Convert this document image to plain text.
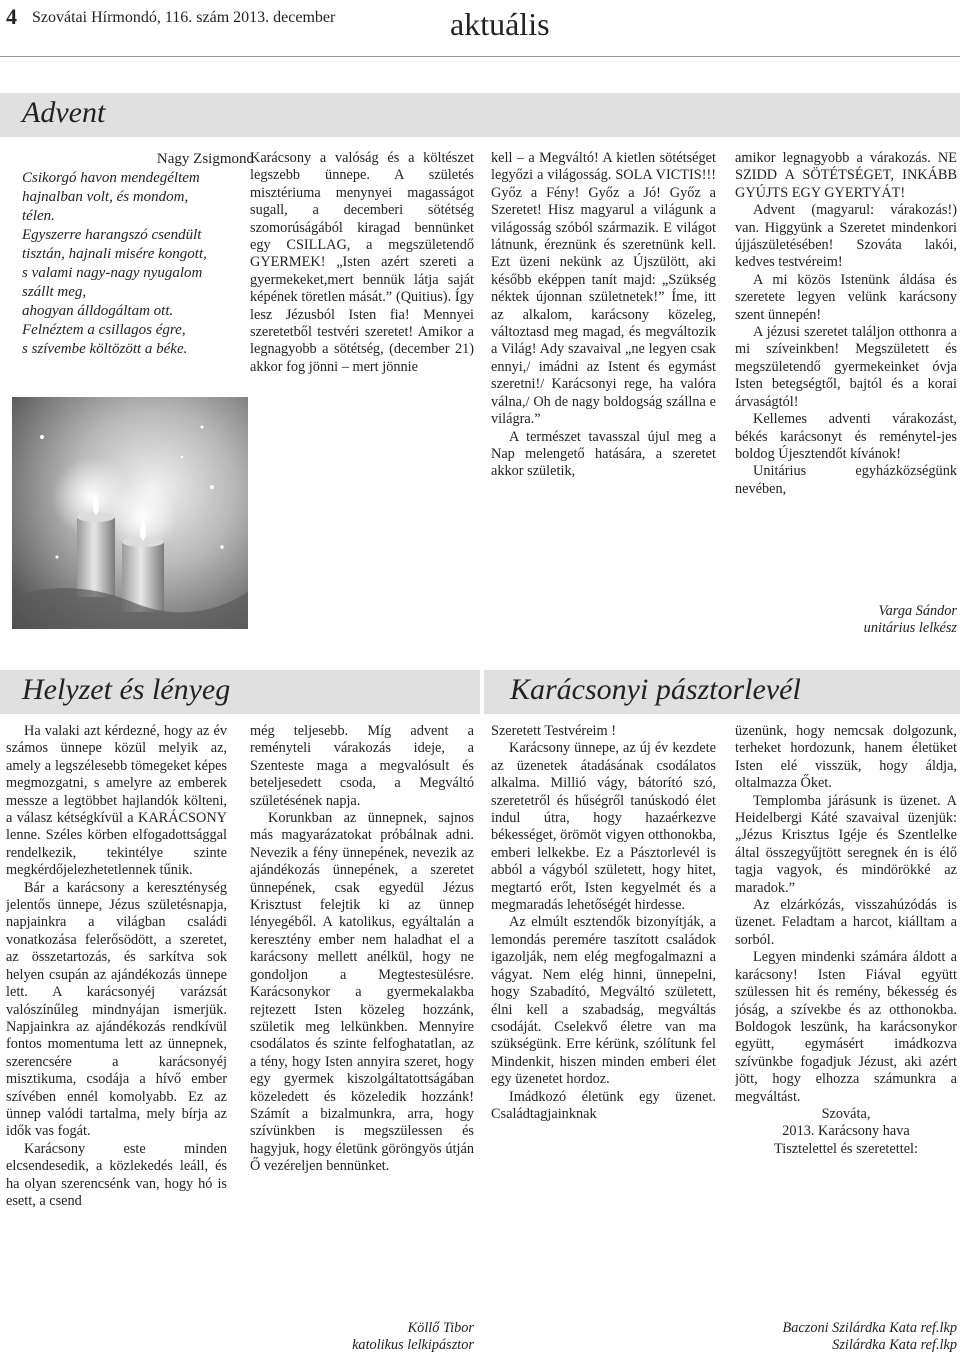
4 Szovátai Hírmondó, 116. szám 2013. december	aktuális
Advent
Nagy Zsigmond
Csikorgó havon mendegéltem
hajnalban volt, és mondom,
télen.
Egyszerre harangszó csendült
tisztán, hajnali misére kongott,
s valami nagy-nagy nyugalom
szállt meg,
ahogyan álldogáltam ott.
Felnéztem a csillagos égre,
s szívembe költözött a béke.

Karácsony a valóság és a költészet legszebb ünnepe. A születés misztériuma menynyei magasságot sugall, a decemberi sötétség szomorúságából kiragad bennünket egy CSILLAG, a megszületendő GYERMEK! „Isten azért szereti a gyermekeket,mert bennük látja saját képének töretlen mását.” (Quitius). Így lesz Jézusból Isten fia! Mennyei szeretetből testvéri szeretet! Amikor a legnagyobb a sötétség, (december 21) akkor fog jönni – mert jönnie

kell – a Megváltó! A kietlen sötétséget legyőzi a világosság. SOLA VICTIS!!! Győz a Fény! Győz a Jó! Győz a Szeretet! Hisz magyarul a világunk a világosság szóból származik. E világot látnunk, éreznünk és szeretnünk kell. Ezt üzeni nekünk az Újszülött, aki később eképpen tanít majd: „Szükség néktek újonnan születnetek!” Íme, itt az alkalom, karácsony közeleg, változtasd meg magad, és megváltozik a Világ! Ady szavaival „ne legyen csak ennyi,/ imádni az Istent és egymást szeretni!/ Karácsonyi rege, ha valóra válna,/ Oh de nagy boldogság szállna e világra.”

A természet tavasszal újul meg a Nap melengető hatására, a szeretet akkor születik,

amikor legnagyobb a várakozás. NE SZIDD A SÖTÉTSÉGET, INKÁBB GYÚJTS EGY GYERTYÁT!

Advent (magyarul: várakozás!) van. Higgyünk a Szeretet mindenkori újjászületésében! Szováta lakói, kedves testvéreim!

A mi közös Istenünk áldása és szeretete legyen velünk karácsony szent ünnepén!

A jézusi szeretet találjon otthonra a mi szíveinkben! Megszületett és megszületendő gyermekeinket óvja Isten betegségtől, bajtól és a korai árvaságtól!

Kellemes adventi várakozást, békés karácsonyt és reménytel-jes boldog Újesztendőt kívánok!

Unitárius egyházközségünk nevében,

Varga Sándor

unitárius lelkész

Helyzet és lényeg

Ha valaki azt kérdezné, hogy az év számos ünnepe közül melyik az, amely a legszélesebb tömegeket képes megmozgatni, s amelyre az emberek messze a legtöbbet hajlandók költeni, a válasz kétségkívül a KARÁCSONY lenne. Széles körben elfogadottsággal rendelkezik, tekintélye szinte megkérdőjelezhetetlennek tűnik.

Bár a karácsony a kereszténység jelentős ünnepe, Jézus születésnapja, napjainkra a világban családi vonatkozása felerősödött, a szeretet, az összetartozás, és sarkítva sok helyen csupán az ajándékozás ünnepe lett. A karácsonyéj varázsát valószínűleg mindnyájan ismerjük. Napjainkra az ajándékozás rendkívül fontos momentuma lett az ünnepnek, szerencsére a karácsonyéj misztikuma, csodája a hívő ember szívében ennél komolyabb. Ez az ünnep valódi tartalma, mely bírja az idők vas fogát.

Karácsony este minden elcsendesedik, a közlekedés leáll, és ha olyan szerencsénk van, hogy hó is esett, a csend

még teljesebb. Míg advent a reményteli várakozás ideje, a Szenteste maga a megvalósult és beteljesedett csoda, a Megváltó születésének napja.

Korunkban az ünnepnek, sajnos más magyarázatokat próbálnak adni. Nevezik a fény ünnepének, nevezik az ajándékozás ünnepének, a szeretet ünnepének, csak egyedül Jézus Krisztust felejtik ki az ünnep lényegéből. A katolikus, egyáltalán a keresztény ember nem haladhat el a karácsony mellett anélkül, hogy ne gondoljon a Megtestesülésre. Karácsonykor a gyermekalakba rejtezett Isten közeleg hozzánk, születik meg lelkünkben. Mennyire csodálatos és szinte felfoghatatlan, az a tény, hogy Isten annyira szeret, hogy egy gyermek kiszolgáltatottságában közeledett és közeledik hozzánk! Számít a bizalmunkra, arra, hogy szívünkben is megszülessen és hagyjuk, hogy életünk göröngyös útján Ő vezéreljen bennünket.

Köllő Tibor

katolikus lelkipásztor

Karácsonyi pásztorlevél

Szeretett Testvéreim !

Karácsony ünnepe, az új év kezdete az üzenetek átadásának csodálatos alkalma. Millió vágy, bátorító szó, szeretetről és hűségről tanúskodó élet indul útra, hogy hazaérkezve békességet, örömöt vigyen otthonokba, emberi lelkekbe. Ez a Pásztorlevél is abból a vágyból született, hogy hitet, megtartó erőt, Isten kegyelmét és a megmaradás lehetőségét hirdesse.

Az elmúlt esztendők bizonyítják, a lemondás peremére taszított családok igazolják, nem elég megfogalmazni a vágyat. Nem elég hinni, ünnepelni, hogy Szabadító, Megváltó született, élni kell a szabadság, megváltás csodáját. Cselekvő életre van ma szükségünk. Erre kérünk, szólítunk fel Mindenkit, hiszen minden emberi élet egy üzenetet hordoz.

Imádkozó életünk egy üzenet. Családtagjainknak

üzenünk, hogy nemcsak dolgozunk, terheket hordozunk, hanem életüket Isten elé visszük, hogy áldja, oltalmazza Őket.

Templomba járásunk is üzenet. A Heidelbergi Káté szavaival üzenjük: „Jézus Krisztus Igéje és Szentlelke által összegyűjtött seregnek én is élő tagja vagyok, és mindörökké az maradok.”

Az elzárkózás, visszahúzódás is üzenet. Feladtam a harcot, kiálltam a sorból.

Legyen mindenki számára áldott a karácsony! Isten Fiával együtt szülessen hit és remény, békesség és jóság, a szívekbe és az otthonokba. Boldogok leszünk, ha karácsonykor együtt, egymásért imádkozva szívünkbe fogadjuk Jézust, aki azért jött, hogy elhozza számunkra a megváltást.

Szováta,

2013. Karácsony hava

Tisztelettel és szeretettel:

Baczoni Szilárdka Kata ref.lkp

Szilárdka Kata ref.lkp
